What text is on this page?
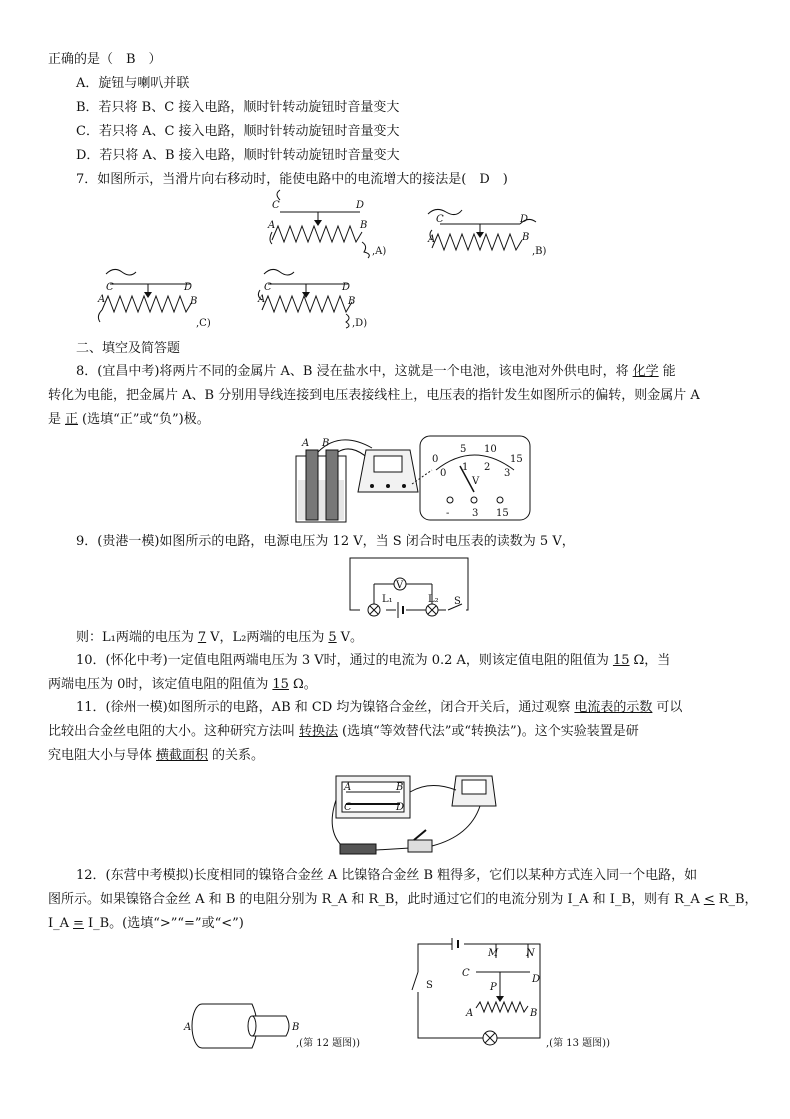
正确的是（　B　）
A．旋钮与喇叭并联
B．若只将 B、C 接入电路，顺时针转动旋钮时音量变大
C．若只将 A、C 接入电路，顺时针转动旋钮时音量变大
D．若只将 A、B 接入电路，顺时针转动旋钮时音量变大
7．如图所示，当滑片向右移动时，能使电路中的电流增大的接法是(　D　)
C	D
A	B
,A)
C	D
A	B
,B)
C	D
A	B
,C)
C	D
A	B
,D)
二、填空及简答题
8．(宜昌中考)将两片不同的金属片 A、B 浸在盐水中，这就是一个电池，该电池对外供电时，将 化学 能
转化为电能，把金属片 A、B 分别用导线连接到电压表接线柱上，电压表的指针发生如图所示的偏转，则金属片 A
是 正 (选填“正”或“负”)极。
A B
0
5 10
15
0
1 2
3
V
- 3 15
9．(贵港一模)如图所示的电路，电源电压为 12 V，当 S 闭合时电压表的读数为 5 V，
V
L₁	L₂ S
则：L₁两端的电压为 7 V，L₂两端的电压为 5 V。
10．(怀化中考)一定值电阻两端电压为 3 V时，通过的电流为 0.2 A，则该定值电阻的阻值为 15 Ω，当
两端电压为 0时，该定值电阻的阻值为 15 Ω。
11．(徐州一模)如图所示的电路，AB 和 CD 均为镍铬合金丝，闭合开关后，通过观察 电流表的示数 可以
比较出合金丝电阻的大小。这种研究方法叫 转换法 (选填“等效替代法”或“转换法”)。这个实验装置是研
究电阻大小与导体 横截面积 的关系。
A	B
C	D
12．(东营中考模拟)长度相同的镍铬合金丝 A 比镍铬合金丝 B 粗得多，它们以某种方式连入同一个电路，如
图所示。如果镍铬合金丝 A 和 B 的电阻分别为 R_A 和 R_B，此时通过它们的电流分别为 I_A 和 I_B，则有 R_A < R_B，
I_A = I_B。(选填“>”“=”或“<”)
A	B
,(第 12 题图))
S
M	N
C
D
P
A	B
,(第 13 题图))
